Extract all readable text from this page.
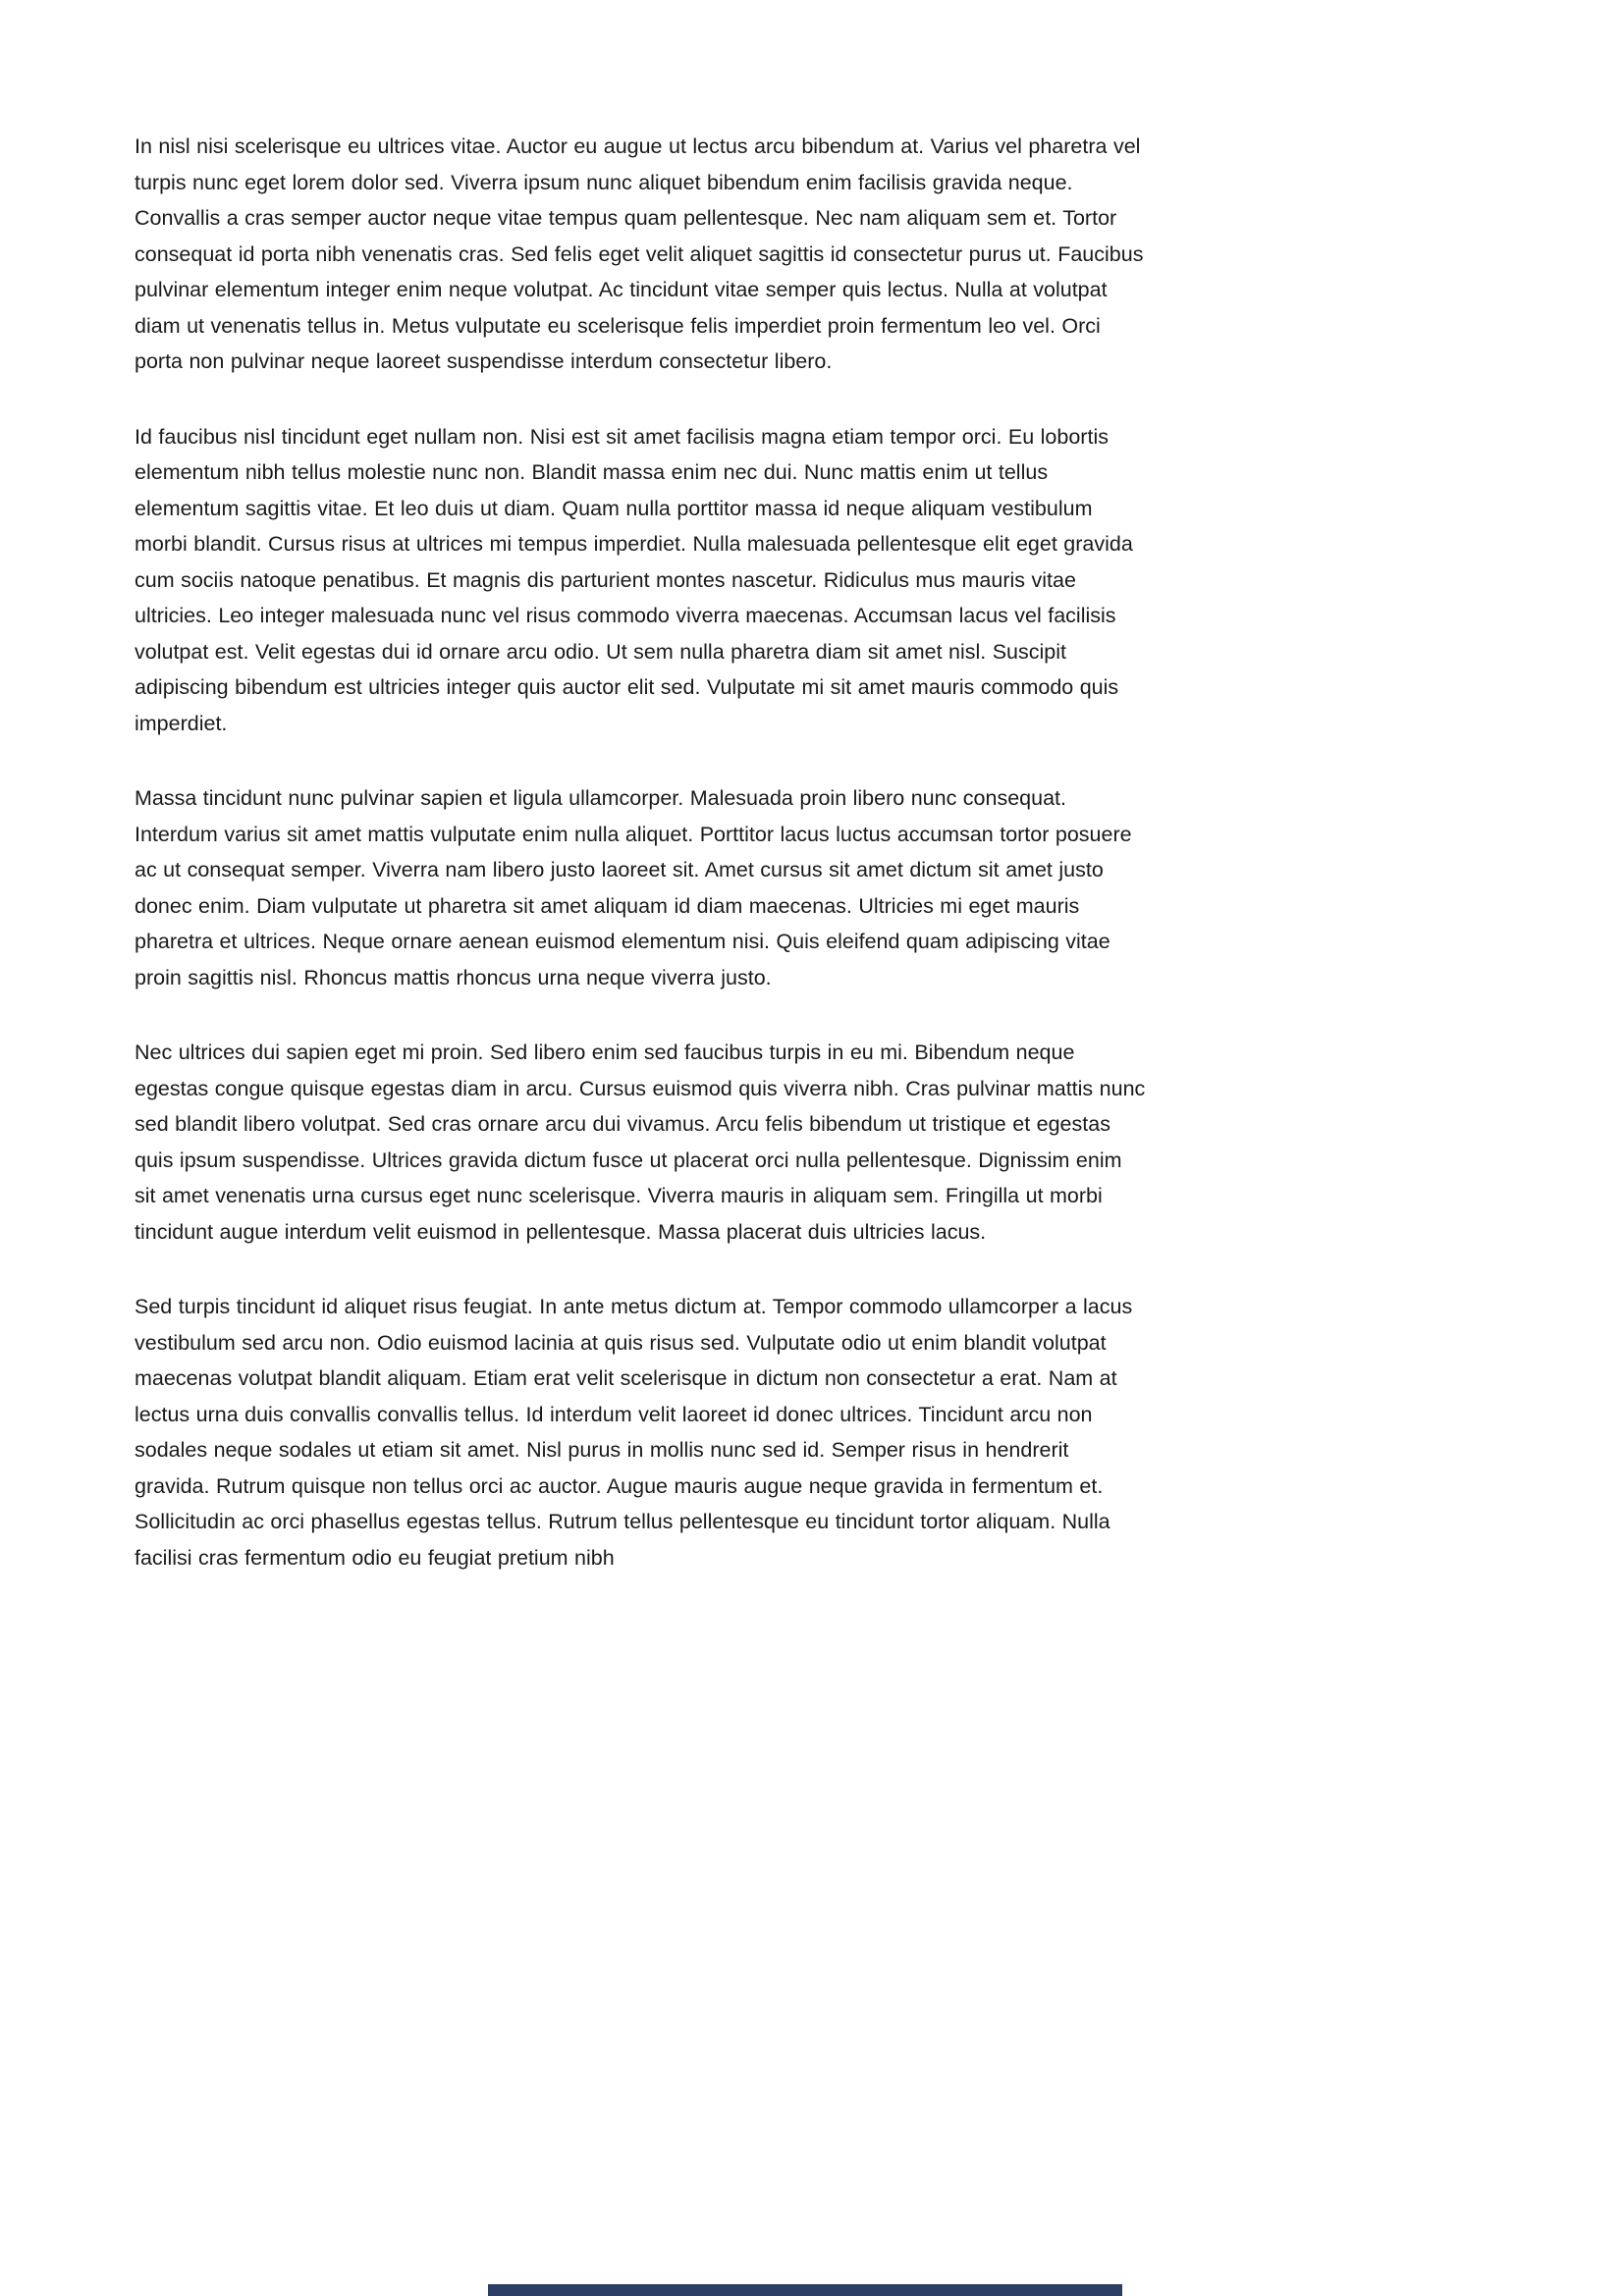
In nisl nisi scelerisque eu ultrices vitae. Auctor eu augue ut lectus arcu bibendum at. Varius vel pharetra vel turpis nunc eget lorem dolor sed. Viverra ipsum nunc aliquet bibendum enim facilisis gravida neque. Convallis a cras semper auctor neque vitae tempus quam pellentesque. Nec nam aliquam sem et. Tortor consequat id porta nibh venenatis cras. Sed felis eget velit aliquet sagittis id consectetur purus ut. Faucibus pulvinar elementum integer enim neque volutpat. Ac tincidunt vitae semper quis lectus. Nulla at volutpat diam ut venenatis tellus in. Metus vulputate eu scelerisque felis imperdiet proin fermentum leo vel. Orci porta non pulvinar neque laoreet suspendisse interdum consectetur libero.

Id faucibus nisl tincidunt eget nullam non. Nisi est sit amet facilisis magna etiam tempor orci. Eu lobortis elementum nibh tellus molestie nunc non. Blandit massa enim nec dui. Nunc mattis enim ut tellus elementum sagittis vitae. Et leo duis ut diam. Quam nulla porttitor massa id neque aliquam vestibulum morbi blandit. Cursus risus at ultrices mi tempus imperdiet. Nulla malesuada pellentesque elit eget gravida cum sociis natoque penatibus. Et magnis dis parturient montes nascetur. Ridiculus mus mauris vitae ultricies. Leo integer malesuada nunc vel risus commodo viverra maecenas. Accumsan lacus vel facilisis volutpat est. Velit egestas dui id ornare arcu odio. Ut sem nulla pharetra diam sit amet nisl. Suscipit adipiscing bibendum est ultricies integer quis auctor elit sed. Vulputate mi sit amet mauris commodo quis imperdiet.

Massa tincidunt nunc pulvinar sapien et ligula ullamcorper. Malesuada proin libero nunc consequat. Interdum varius sit amet mattis vulputate enim nulla aliquet. Porttitor lacus luctus accumsan tortor posuere ac ut consequat semper. Viverra nam libero justo laoreet sit. Amet cursus sit amet dictum sit amet justo donec enim. Diam vulputate ut pharetra sit amet aliquam id diam maecenas. Ultricies mi eget mauris pharetra et ultrices. Neque ornare aenean euismod elementum nisi. Quis eleifend quam adipiscing vitae proin sagittis nisl. Rhoncus mattis rhoncus urna neque viverra justo.

Nec ultrices dui sapien eget mi proin. Sed libero enim sed faucibus turpis in eu mi. Bibendum neque egestas congue quisque egestas diam in arcu. Cursus euismod quis viverra nibh. Cras pulvinar mattis nunc sed blandit libero volutpat. Sed cras ornare arcu dui vivamus. Arcu felis bibendum ut tristique et egestas quis ipsum suspendisse. Ultrices gravida dictum fusce ut placerat orci nulla pellentesque. Dignissim enim sit amet venenatis urna cursus eget nunc scelerisque. Viverra mauris in aliquam sem. Fringilla ut morbi tincidunt augue interdum velit euismod in pellentesque. Massa placerat duis ultricies lacus.

Sed turpis tincidunt id aliquet risus feugiat. In ante metus dictum at. Tempor commodo ullamcorper a lacus vestibulum sed arcu non. Odio euismod lacinia at quis risus sed. Vulputate odio ut enim blandit volutpat maecenas volutpat blandit aliquam. Etiam erat velit scelerisque in dictum non consectetur a erat. Nam at lectus urna duis convallis convallis tellus. Id interdum velit laoreet id donec ultrices. Tincidunt arcu non sodales neque sodales ut etiam sit amet. Nisl purus in mollis nunc sed id. Semper risus in hendrerit gravida. Rutrum quisque non tellus orci ac auctor. Augue mauris augue neque gravida in fermentum et. Sollicitudin ac orci phasellus egestas tellus. Rutrum tellus pellentesque eu tincidunt tortor aliquam. Nulla facilisi cras fermentum odio eu feugiat pretium nibh
